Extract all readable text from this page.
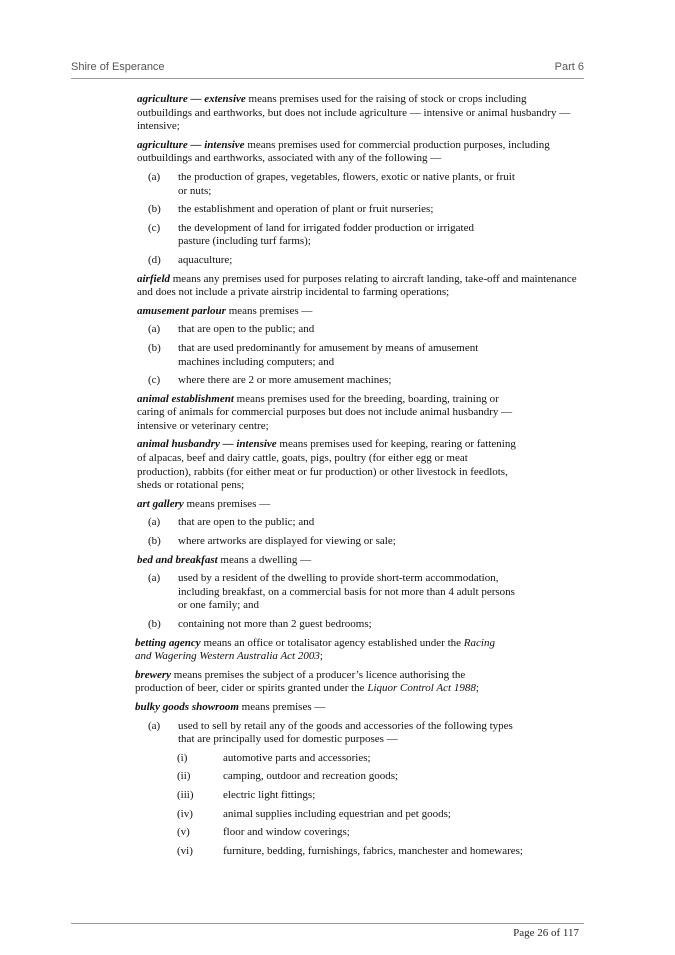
Shire of Esperance	Part 6

agriculture — extensive means premises used for the raising of stock or crops including outbuildings and earthworks, but does not include agriculture — intensive or animal husbandry — intensive;

agriculture — intensive means premises used for commercial production purposes, including outbuildings and earthworks, associated with any of the following —

(a) the production of grapes, vegetables, flowers, exotic or native plants, or fruit or nuts;
(b) the establishment and operation of plant or fruit nurseries;
(c) the development of land for irrigated fodder production or irrigated pasture (including turf farms);
(d) aquaculture;

airfield means any premises used for purposes relating to aircraft landing, take-off and maintenance and does not include a private airstrip incidental to farming operations;

amusement parlour means premises —

(a) that are open to the public; and
(b) that are used predominantly for amusement by means of amusement machines including computers; and
(c) where there are 2 or more amusement machines;

animal establishment means premises used for the breeding, boarding, training or caring of animals for commercial purposes but does not include animal husbandry — intensive or veterinary centre;

animal husbandry — intensive means premises used for keeping, rearing or fattening of alpacas, beef and dairy cattle, goats, pigs, poultry (for either egg or meat production), rabbits (for either meat or fur production) or other livestock in feedlots, sheds or rotational pens;

art gallery means premises —

(a) that are open to the public; and
(b) where artworks are displayed for viewing or sale;

bed and breakfast means a dwelling —

(a) used by a resident of the dwelling to provide short-term accommodation, including breakfast, on a commercial basis for not more than 4 adult persons or one family; and
(b) containing not more than 2 guest bedrooms;

betting agency means an office or totalisator agency established under the Racing and Wagering Western Australia Act 2003;

brewery means premises the subject of a producer’s licence authorising the production of beer, cider or spirits granted under the Liquor Control Act 1988;

bulky goods showroom means premises —

(a) used to sell by retail any of the goods and accessories of the following types that are principally used for domestic purposes —
(i)	automotive parts and accessories;
(ii)	camping, outdoor and recreation goods;
(iii)	electric light fittings;
(iv)	animal supplies including equestrian and pet goods;
(v)	floor and window coverings;
(vi)	furniture, bedding, furnishings, fabrics, manchester and homewares;
Page 26 of 117
